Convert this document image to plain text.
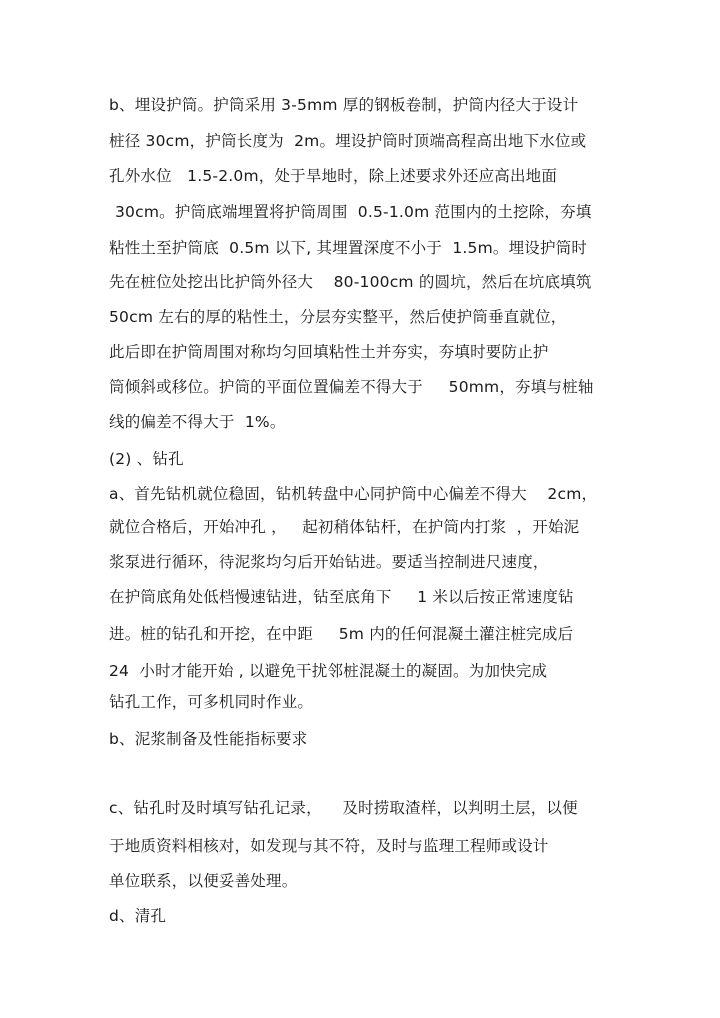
b、埋设护筒。护筒采用 3-5mm 厚的钢板卷制，护筒内径大于设计
桩径 30cm，护筒长度为  2m。埋设护筒时顶端高程高出地下水位或
孔外水位   1.5-2.0m，处于旱地时，除上述要求外还应高出地面
30cm。护筒底端埋置将护筒周围  0.5-1.0m 范围内的土挖除，夯填
粘性土至护筒底  0.5m 以下, 其埋置深度不小于  1.5m。埋设护筒时
先在桩位处挖出比护筒外径大    80-100cm 的圆坑，然后在坑底填筑
50cm 左右的厚的粘性土，分层夯实整平，然后使护筒垂直就位，
此后即在护筒周围对称均匀回填粘性土并夯实，夯填时要防止护
筒倾斜或移位。护筒的平面位置偏差不得大于     50mm，夯填与桩轴
线的偏差不得大于  1%。
(2) 、钻孔
a、首先钻机就位稳固，钻机转盘中心同护筒中心偏差不得大    2cm，
就位合格后，开始冲孔 ，   起初稍体钻杆，在护筒内打浆  ，开始泥
浆泵进行循环，待泥浆均匀后开始钻进。要适当控制进尺速度，
在护筒底角处低档慢速钻进，钻至底角下     1 米以后按正常速度钻
进。桩的钻孔和开挖，在中距     5m 内的任何混凝土灌注桩完成后
24  小时才能开始 , 以避免干扰邻桩混凝土的凝固。为加快完成
钻孔工作，可多机同时作业。
b、泥浆制备及性能指标要求
c、钻孔时及时填写钻孔记录，    及时捞取渣样，以判明土层，以便
于地质资料相核对，如发现与其不符，及时与监理工程师或设计
单位联系，以便妥善处理。
d、清孔
